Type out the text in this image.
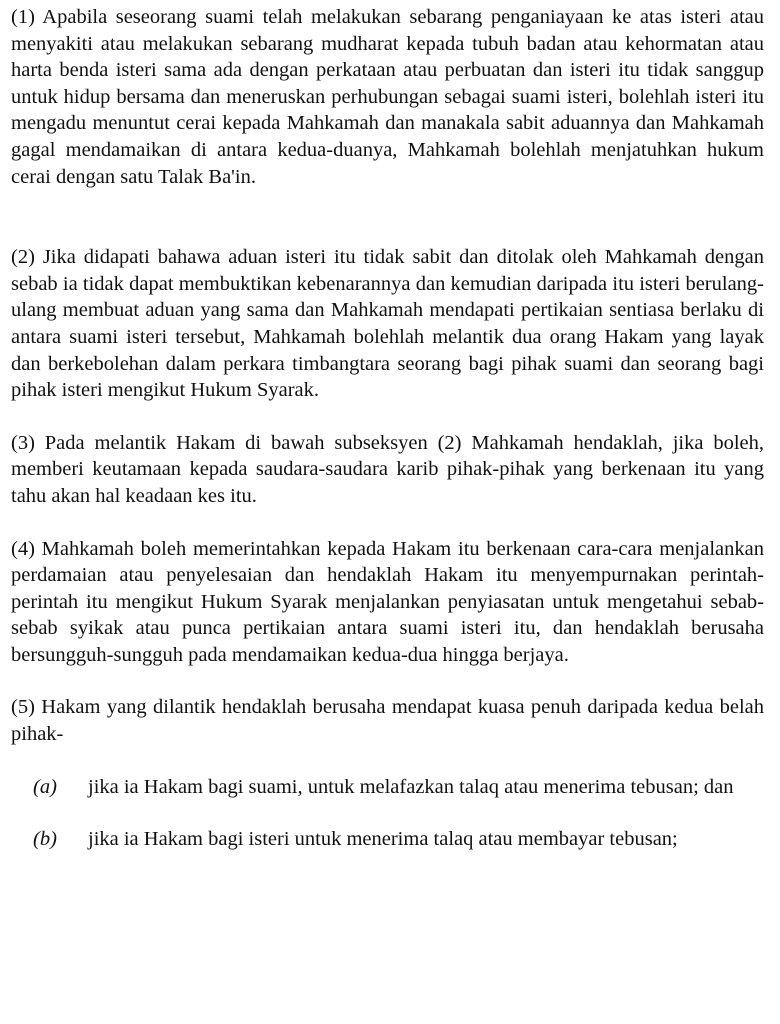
(1) Apabila seseorang suami telah melakukan sebarang penganiayaan ke atas isteri atau menyakiti atau melakukan sebarang mudharat kepada tubuh badan atau kehormatan atau harta benda isteri sama ada dengan perkataan atau perbuatan dan isteri itu tidak sanggup untuk hidup bersama dan meneruskan perhubungan sebagai suami isteri, bolehlah isteri itu mengadu menuntut cerai kepada Mahkamah dan manakala sabit aduannya dan Mahkamah gagal mendamaikan di antara kedua-duanya, Mahkamah bolehlah menjatuhkan hukum cerai dengan satu Talak Ba'in.

(2) Jika didapati bahawa aduan isteri itu tidak sabit dan ditolak oleh Mahkamah dengan sebab ia tidak dapat membuktikan kebenarannya dan kemudian daripada itu isteri berulang-ulang membuat aduan yang sama dan Mahkamah mendapati pertikaian sentiasa berlaku di antara suami isteri tersebut, Mahkamah bolehlah melantik dua orang Hakam yang layak dan berkebolehan dalam perkara timbangtara seorang bagi pihak suami dan seorang bagi pihak isteri mengikut Hukum Syarak.

(3) Pada melantik Hakam di bawah subseksyen (2) Mahkamah hendaklah, jika boleh, memberi keutamaan kepada saudara-saudara karib pihak-pihak yang berkenaan itu yang tahu akan hal keadaan kes itu.

(4) Mahkamah boleh memerintahkan kepada Hakam itu berkenaan cara-cara menjalankan perdamaian atau penyelesaian dan hendaklah Hakam itu menyempurnakan perintah-perintah itu mengikut Hukum Syarak menjalankan penyiasatan untuk mengetahui sebab-sebab syikak atau punca pertikaian antara suami isteri itu, dan hendaklah berusaha bersungguh-sungguh pada mendamaikan kedua-dua hingga berjaya.

(5) Hakam yang dilantik hendaklah berusaha mendapat kuasa penuh daripada kedua belah pihak-

(a)	jika ia Hakam bagi suami, untuk melafazkan talaq atau menerima tebusan; dan
(b)	jika ia Hakam bagi isteri untuk menerima talaq atau membayar tebusan;
